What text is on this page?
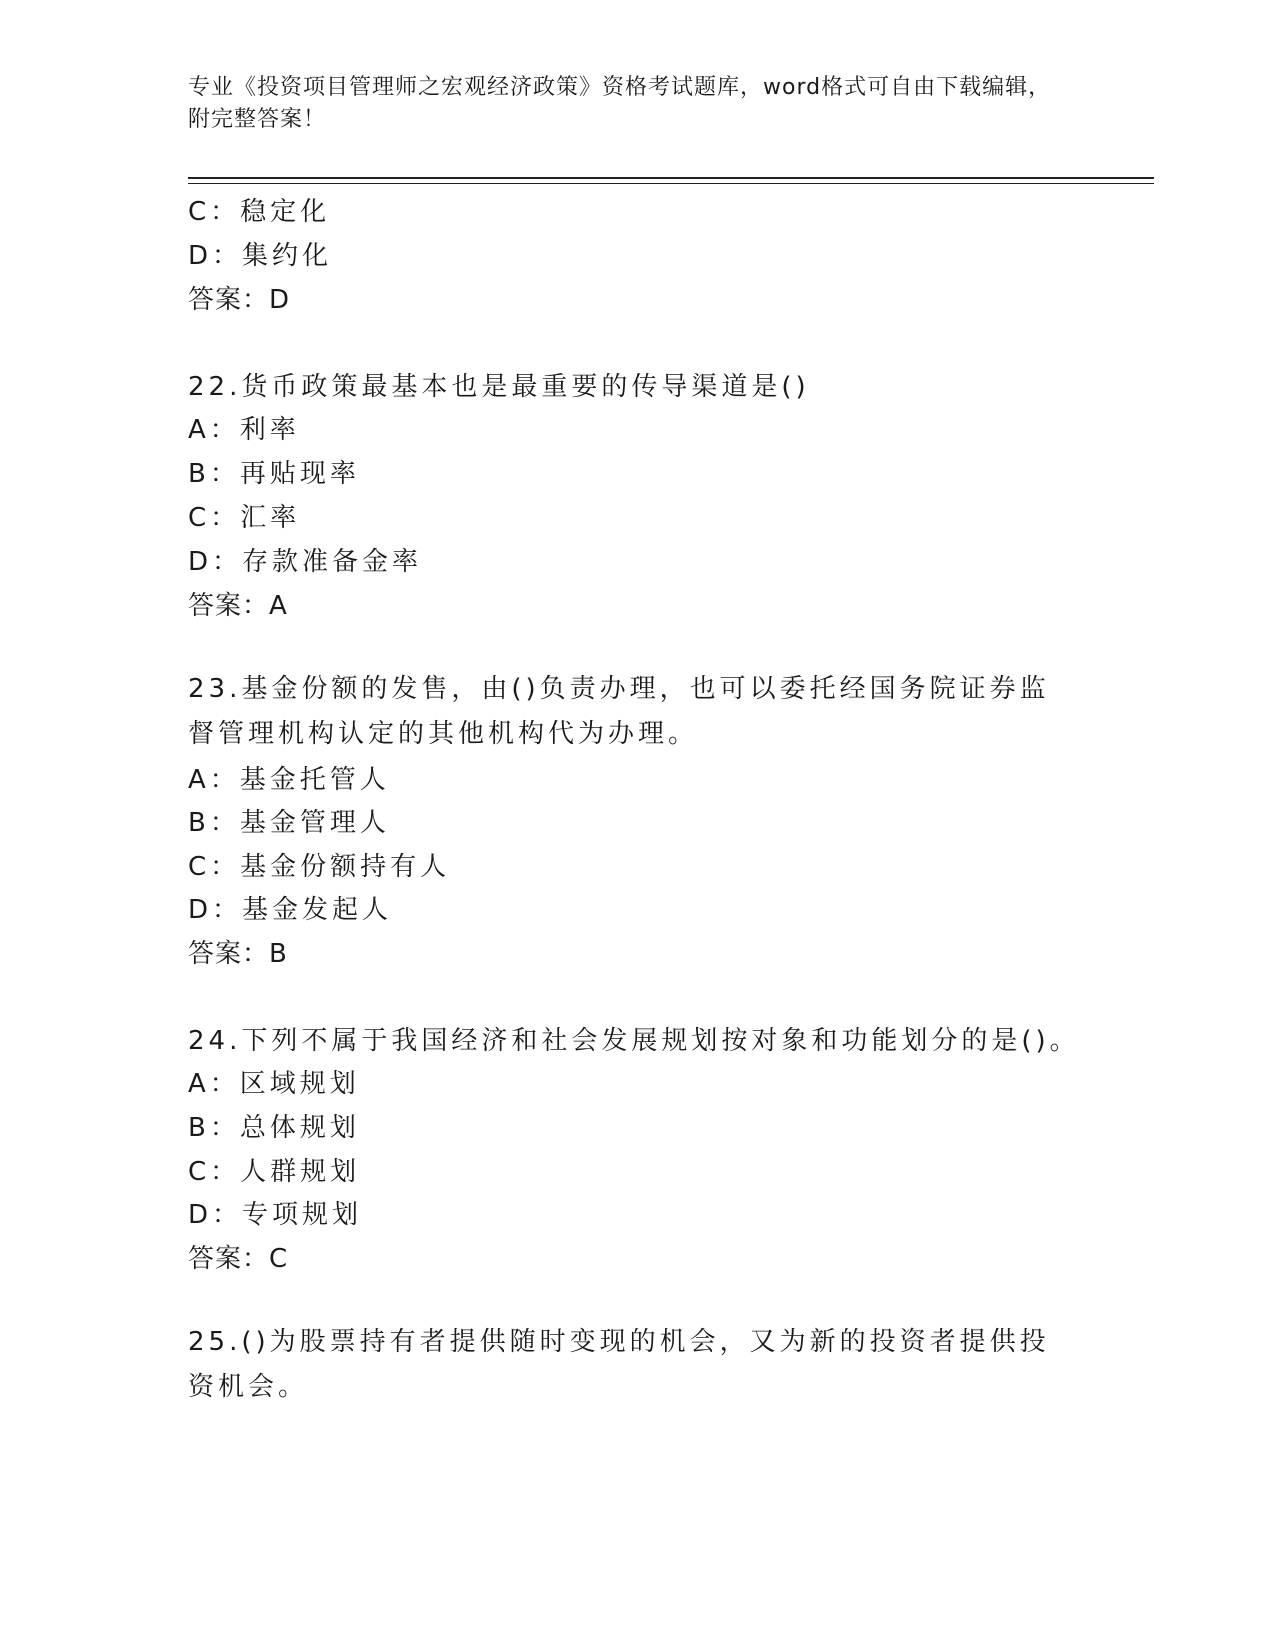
专业《投资项目管理师之宏观经济政策》资格考试题库，word格式可自由下载编辑，附完整答案！
C：稳定化
D：集约化
答案：D
22.货币政策最基本也是最重要的传导渠道是()
A：利率
B：再贴现率
C：汇率
D：存款准备金率
答案：A
23.基金份额的发售，由()负责办理，也可以委托经国务院证券监督管理机构认定的其他机构代为办理。
A：基金托管人
B：基金管理人
C：基金份额持有人
D：基金发起人
答案：B
24.下列不属于我国经济和社会发展规划按对象和功能划分的是()。
A：区域规划
B：总体规划
C：人群规划
D：专项规划
答案：C
25.()为股票持有者提供随时变现的机会，又为新的投资者提供投资机会。
